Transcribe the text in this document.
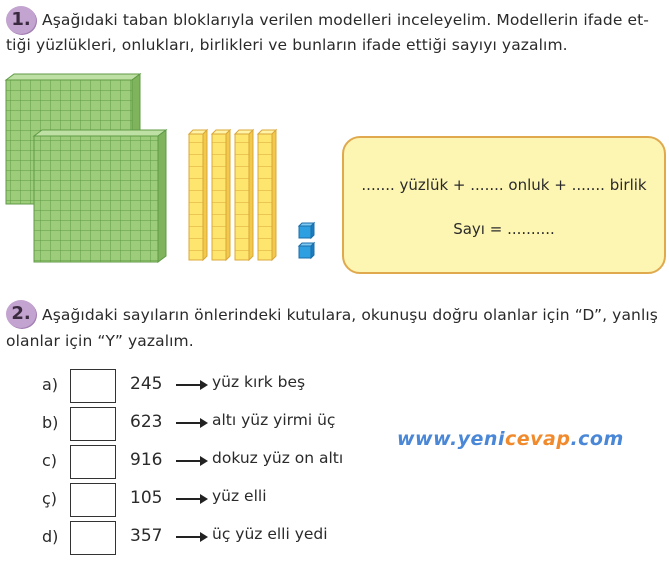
1. Aşağıdaki taban bloklarıyla verilen modelleri inceleyelim. Modellerin ifade et-
tiği yüzlükleri, onlukları, birlikleri ve bunların ifade ettiği sayıyı yazalım.
....... yüzlük + ....... onluk + ....... birlik
Sayı = ..........
2. Aşağıdaki sayıların önlerindeki kutulara, okunuşu doğru olanlar için “D”, yanlış
olanlar için “Y” yazalım.
a)	245	yüz kırk beş
b)	623	altı yüz yirmi üç
c)	916	dokuz yüz on altı
ç)	105	yüz elli
d)	357	üç yüz elli yedi
www.yenicevap.com
